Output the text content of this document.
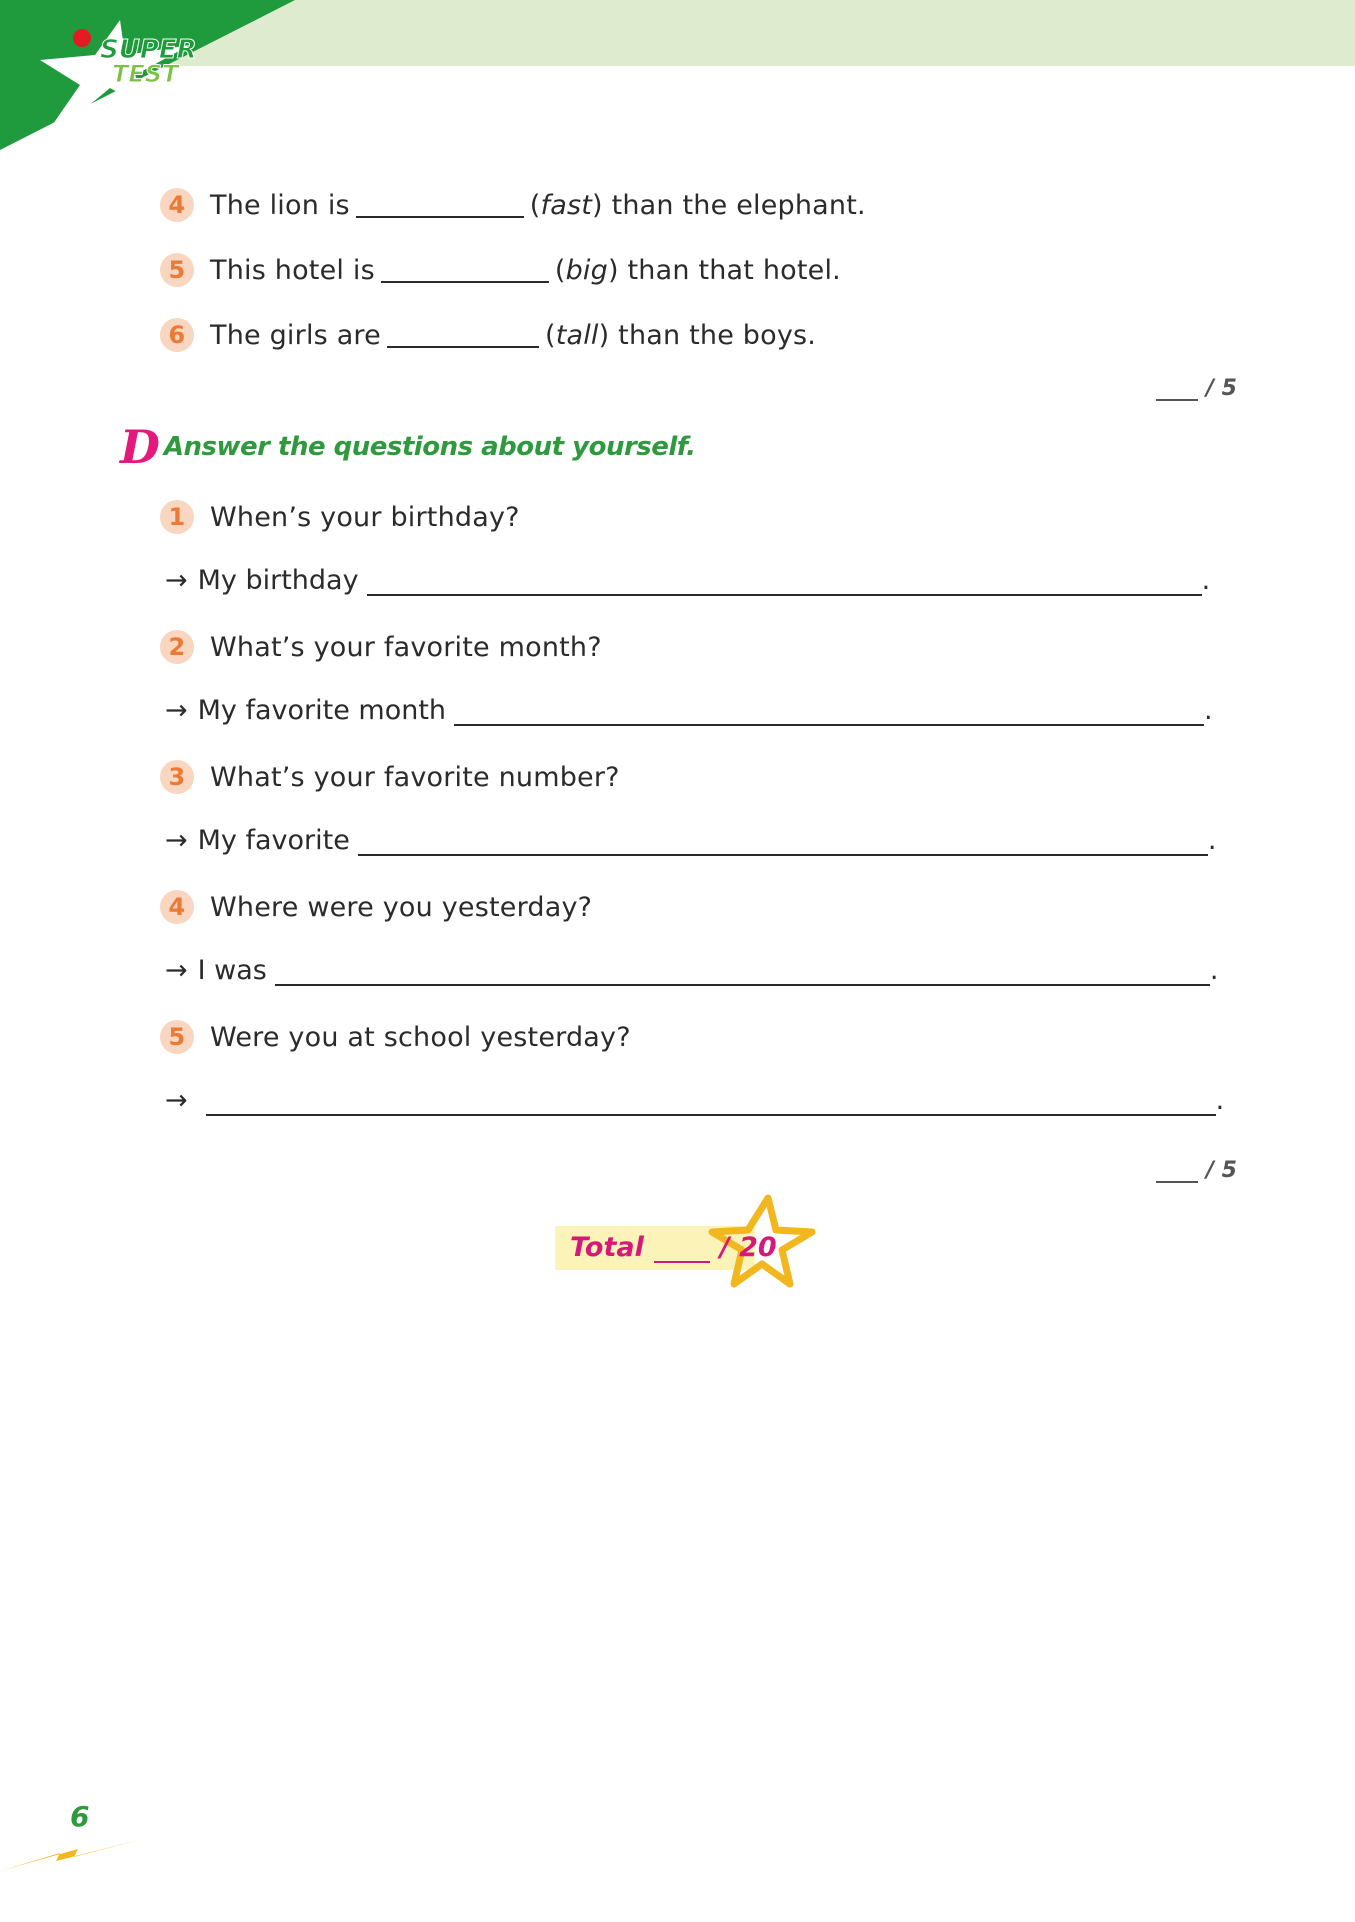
SUPER
TEST
4 The lion is	( fast ) than the elephant.
5 This hotel is	( big ) than that hotel.
6 The girls are	( tall ) than the boys.
/ 5
D Answer the questions about yourself.
1 When’s your birthday?
→ My birthday	.
2 What’s your favorite month?
→ My favorite month	.
3 What’s your favorite number?
→ My favorite	.
4 Where were you yesterday?
→ I was	.
5 Were you at school yesterday?
→	.
/ 5
Total	/ 20
6
